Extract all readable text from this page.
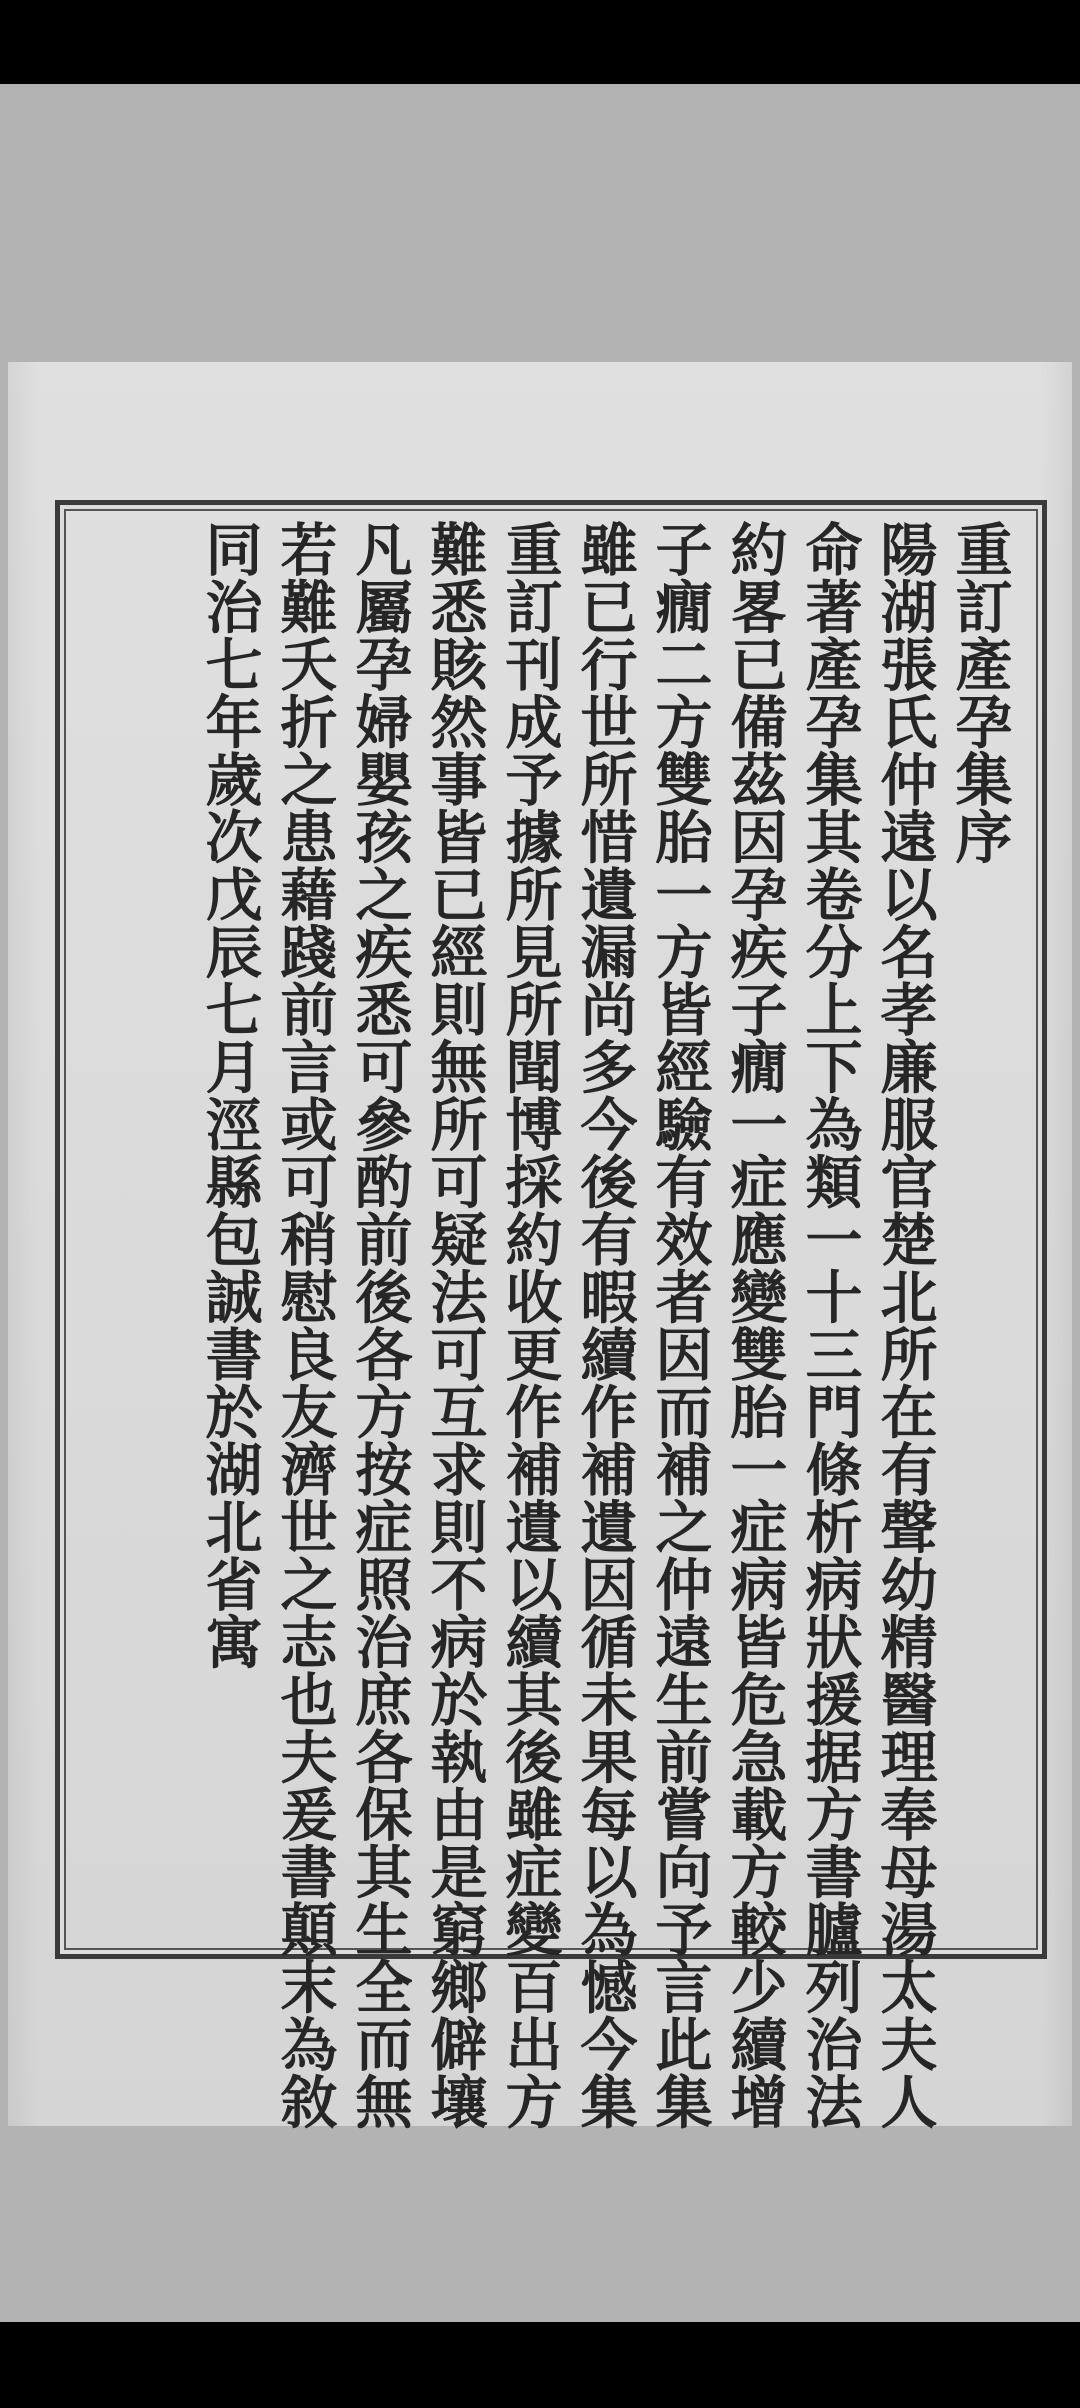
重訂產孕集序
陽湖張氏仲遠以名孝廉服官楚北所在有聲幼精醫理奉母湯太夫人
命著產孕集其卷分上下為類一十三門條析病狀援据方書臚列治法
約畧已備茲因孕疾子癇一症應變雙胎一症病皆危急載方較少續增
子癇二方雙胎一方皆經驗有效者因而補之仲遠生前嘗向予言此集
雖已行世所惜遺漏尚多今後有暇續作補遺因循未果每以為憾今集
重訂刊成予據所見所聞博採約收更作補遺以續其後雖症變百出方
難悉賅然事皆已經則無所可疑法可互求則不病於執由是窮鄉僻壤
凡屬孕婦嬰孩之疾悉可參酌前後各方按症照治庶各保其生全而無
若難夭折之患藉踐前言或可稍慰良友濟世之志也夫爰書顛末為敘
同治七年歲次戊辰七月涇縣包誠書於湖北省寓
